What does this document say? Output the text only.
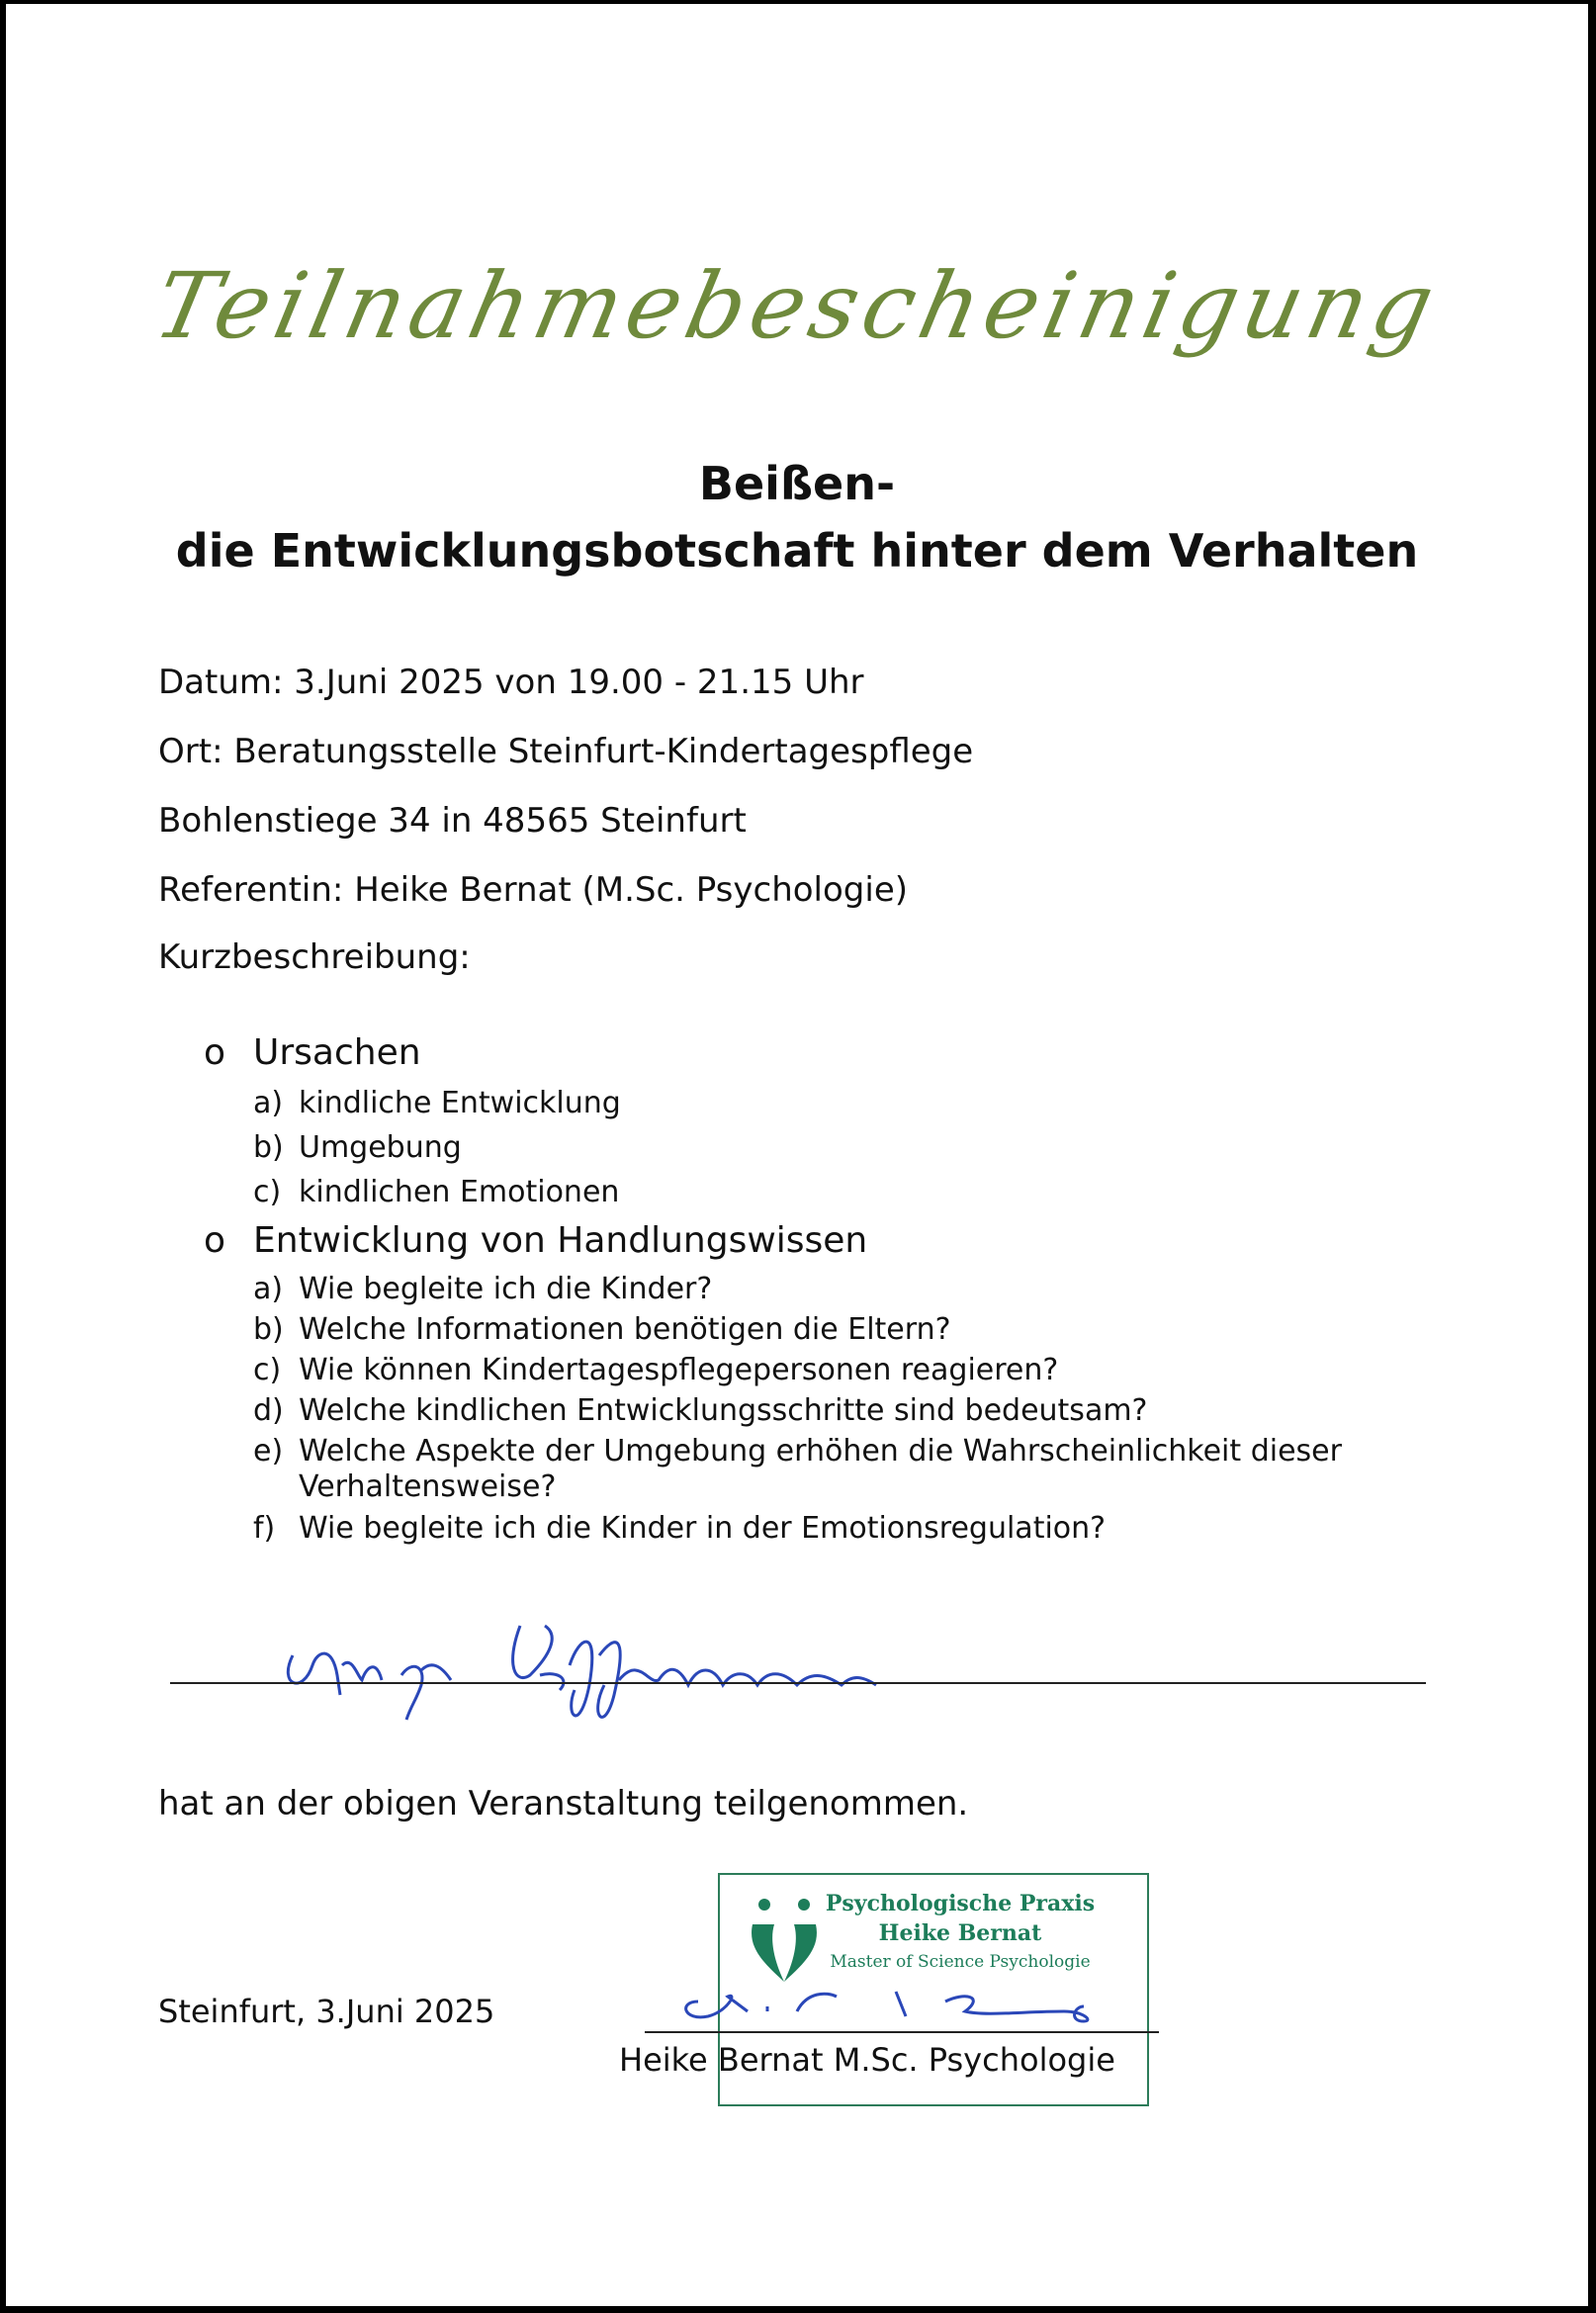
Teilnahmebescheinigung
Beißen-
die Entwicklungsbotschaft hinter dem Verhalten
Datum: 3.Juni 2025 von 19.00 - 21.15 Uhr
Ort: Beratungsstelle Steinfurt-Kindertagespflege
Bohlenstiege 34 in 48565 Steinfurt
Referentin: Heike Bernat (M.Sc. Psychologie)
Kurzbeschreibung:
o Ursachen
a) kindliche Entwicklung
b) Umgebung
c) kindlichen Emotionen
o Entwicklung von Handlungswissen
a) Wie begleite ich die Kinder?
b) Welche Informationen benötigen die Eltern?
c) Wie können Kindertagespflegepersonen reagieren?
d) Welche kindlichen Entwicklungsschritte sind bedeutsam?
e) Welche Aspekte der Umgebung erhöhen die Wahrscheinlichkeit dieser
Verhaltensweise?
f) Wie begleite ich die Kinder in der Emotionsregulation?
hat an der obigen Veranstaltung teilgenommen.
Steinfurt, 3.Juni 2025
Psychologische Praxis
Heike Bernat
Master of Science Psychologie
Heike Bernat M.Sc. Psychologie
